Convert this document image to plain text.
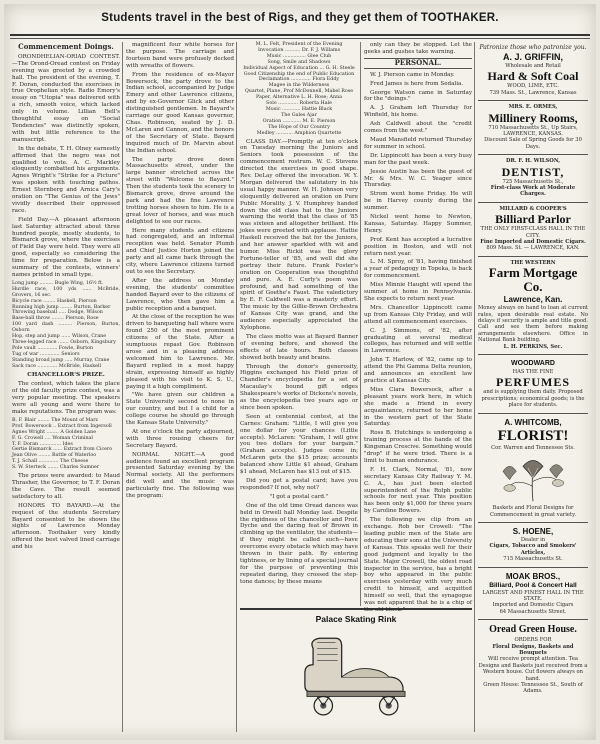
Students travel in the best of Rigs, and they get them of TOOTHAKER.
Commencement Doings.

ORONDHELIAN-ORIAD CONTEST.—The Orond-Oread contest on Friday evening was greeted by a crowded hall. The president of the evening, T. F. Doran, conducted the exercises in true Orophelian style. Radio Emory's essay on "Utopia" was delivered with a rich, smooth voice, which lacked only in volume. Lillian Bell's thoughtful essay on "Social Tendencies" was distinctly spoken, with but little reference to the manuscript.

In the debate, T. H. Olney earnestly affirmed that the negro was not qualified to vote. A. C. Markley eloquently combatted his arguments. Agnes Wright's "Strike for a Picture" was spoken with touching pathos. Ernest Sternberg and Arnica Cary's oration on "The Genius of the Jews" vividly described their oppressed race.

Field Day.—A pleasant afternoon last Saturday attracted about three hundred people, mostly students, to Bismarck grove, where the exercises of Field Day were held. They were all good, especially so considering the time for preparation. Below is a summary of the contests, winners' names printed in small type.

Long jump ......... Bugle Wing, 16½ ft.
Hurdle race, 100 yds ...... McBride, Grovers, 16 sec.
Bicycle race ........ Haskell, Pierson
Running high jump ........ Burton, Barker
Throwing baseball ..... Dodge, Wilson
Base-ball throw ........ Pierson, Rose
100 yard dash ......... Pierson, Burton, Osborn
Hop, step and jump ...... Wilson, Crane
Three-legged race ....... Osborn, Kingsbury
Pole vault ............. Fowle, Burton
Tug of war ............. Seniors
Standing broad jump ..... Murray, Crane
Sack race ............. McBride, Haskell

CHANCELLOR'S PRIZE.

The contest, which takes the place of the old faculty prize contest, was a very popular meeting. The speakers were all young and were there to make reputations. The program was:

B. F. Blair ........ The Mount of Marz
Prof. Bowersock .. Extract from Ingersoll
Agnes Wright ........ A Golden Lane
F. G. Crowell .... Woman Criminal
T. F. Doran .............. Ides
Gertie Bismarck ...... Extract from Cicero
Jean Olive ........ Battle of Waterloo
T. J. Schall ............. The Cheese
S. W. Sterteck ....... Charles Sumner

The prizes were awarded: to Maud Thrasher, the Governor, to T. F. Doran the Cave. The result seemed satisfactory to all.

HONORS TO BAYARD.—At the request of the students Secretary Bayard consented to be shown the sights of Lawrence Monday afternoon. Toothaker very kindly offered the best valved lined carriage and his

magnificent four white horses for the purpose. The carriage and fourteen band were profusely decked with wreaths of flowers.

From the residence of ex-Mayor Bowersock, the party drove to the Indian school, accompanied by Judge Emery and other Lawrence citizens, and by ex-Governor Glick and other distinguished gentlemen. In Bayard's carriage our good Kansas governor, Chas. Robinson, seated by J. D. McLaren and Cannon, and the honors of the Secretary of State. Bayard inquired much of Dr. Marvin about the Indian school.

The party drove down Massachusetts street, under the large banner stretched across the street with "Welcome to Bayard." Then the students took the scenery to Bismarck grove, drove around the park and had the fine Lawrence trotting horses shown to him. He is a great lover of horses, and was much delighted to see our races.

Here many students and citizens had congregated, and an informal reception was held. Senator Plumb and Chief Justice Horton joined the party and all came back through the city, where Lawrence citizens turned out to see the Secretary.

After the address on Monday evening, the students' committee handed Bayard over to the citizens of Lawrence, who then gave him a public reception and a banquet.

At the close of the reception he was driven to banqueting hall where were found 250 of the most prominent citizens of the State. After a sumptuous repast Gov. Robinson arose and in a pleasing address welcomed him to Lawrence. Mr. Bayard replied in a most happy strain, expressing himself as highly pleased with his visit to K. S. U., paying it a high compliment.

"We have given our children a State University second to none in our country, and but I a child for a college course he should go through the Kansas State University."

At one o'clock the party adjourned, with three rousing cheers for Secretary Bayard.

NORMAL NIGHT.—A good audience found an excellent program presented Saturday evening by the Normal society. All the performers did well and the music was particularly fine. The following was the program:

M. L. Felt, President of the Evening
Invocation .......... Dr. F. J. Willams
Music ............... Glee Club
Song, Smile and Shadows
Individual Aspect of Education ... G. H. Steele
Good Citizenship the end of Public Education
Declamation ............. Flora Eddy
Magee in the Wilderness
Quartet, Plane, Prof McDonnell, Mabel Rose
Paper, Alternative L. H. Rose; Anna
Solo ............. Roberta Hale
Music ............ Hattie Black
The Gales Ajar
Oration ............ M. E. Pierson
The Hope of Our Country
Medley ........... Amphion Quartette

CLASS DAY.—Promptly at ten o'clock on Tuesday morning the Juniors and Seniors took possession of the commencement rostrum. W. C. Stevens directed the exercises in good shape. Rev. DeLay offered the invocation. W. Y. Morgan delivered the salutatory in his usual happy manner. W. H. Johnson very eloquently delivered an oration on Pure Public Morality. J. V. Humphrey handed down the old class hat to the Juniors warning the world that the class of '85 was sixteen and altogether brilliant. His jokes were greeted with applause. Hattie Haskell received the bat for the Juniors, and her answer sparkled with wit and humor. Miss Rickit was the glory Fortune-teller of '85, and well did she portray their future. Frank Foster's oration on Cooperation was thoughtful and pure. A. E. Curly's poem was profound, and had something of the spirit of Goethe's Faust. The valedictory by E. F. Caldwell was a masterly effort. The music by the Gillie-Brown Orchestra of Kansas City was grand, and the audience especially appreciated the Xylophone.

The class motto was at Bayard Banner of evening before, and showed the effects of late hours. Both classes showed both beauty and brains.

Through the donor's generosity, Higgins exchanged his Field prize of Chandler's encyclopedia for a set of Macaulay's bound gift edges Shakespeare's works of Dickens's novels, as the encyclopedia two years ago or since been spoken.

Seen at centennial contest, at the Carnes: Graham: "Little, I will give you one dollar for your chances (Little accepts). McLaren: "Graham, I will give you two dollars for your bargain." (Graham accepts). Judges come in; McLaren gets the $15 prize; accounts balanced show Little $1 ahead, Graham $1 ahead, McLaren has $13 out of $15.

Did you get a postal card; have you responded? If not, why not?

"I got a postal card."

One of the old time Oread dances was held in Orwell hall Monday last. Despite the rigidness of the chancellor and Prof. Dyche and the daring feat of Brown in climbing up the ventilator, the students—if they might be called such—have overcome every obstacle which may have thrown in their path. By entering tightness, or by lining of a special journal for the purpose of preventing this repeated daring, they crossed the step-tone dances; by these means

Palace Skating Rink

only can they be stopped. Let the geeks and gushes take warning.

PERSONAL.

W. J. Pierson came in Monday.

Fred James is here from Sedalia.

George Watson came in Saturday for the "doings."

A. J. Graham left Thursday for Winfield, his home.

Ash Caldwell about the "credit comes from the west."

Maud Mansfield returned Thursday for summer in school.

Dr. Lippincott has been a very busy man for the past week.

Jessie Austin has been the guest of Mr. & Mrs. W. C. Yeager since Thursday.

Strom went home Friday. He will be in Harvey county during the summer.

Nickel went home to Newton, Kansas, Saturday. Happy Summer, Henry.

Prof. Kent has accepted a lucrative position in Boston, and will not return next year.

L. M. Sproy, of '81, having finished a year of pedagogy in Topeka, is back for commencement.

Miss Minnie Haught will spend the summer at home in Pennsylvania. She expects to return next year.

Mrs. Chancellor Lippincott came up from Kansas City Friday, and will attend all commencement exercises.

C. J. Simmons, of '82, after graduating at several medical colleges, has returned and will settle in Lawrence.

John T. Harlow, of '82, came up to attend the Phi Gamma Delta reunion, and announces an excellent law practice at Kansas City.

Miss Clara Bowersock, after a pleasant years work here, in which she made a friend in every acquaintance, returned to her home in the western part of the State Saturday.

Ross B. Hutchings is undergoing a training process at the hands of the Kingsman Crescive. Something would "drop" if he were tried. There is a limit to human endurance.

F. H. Clark, Normal, '81, now secretary Kansas City Railway Y. M. C. A., has just been elected superintendent of the Rolph public schools for next year. This position has been only $1,000 for three years by Caroline Bowers.

The following we clip from an exchange. Rob ber Crowell: "The leading public men of the State are educating their sons at the University of Kansas. This speaks well for their good judgment and loyalty to the State. Major Crowell, the oldest road inspector in the service, has a bright boy who appeared in the public exercises yesterday with very much credit to himself, and acquitted himself so well, that the synagogue was not apparent that he is a chip of the old block."

Patronize those who patronize you.
A. J. GRIFFIN,
Wholesale and Retail
Hard & Soft Coal
WOOD, LIME, ETC.
739 Mass. St., Lawrence, Kansas
MRS. E. ORMES,
Millinery Rooms,
710 Massachusetts St., Up Stairs,
LAWRENCE, KANSAS.
Discount Sale of Spring Goods for 30 Days.
DR. F. H. WILSON,
DENTIST,
725 Massachusetts St.,
First-class Work at Moderate Charges.
MILLARD & COOPER'S
Billiard Parlor
THE ONLY FIRST-CLASS HALL IN THE CITY.
Fine Imported and Domestic Cigars.
809 Mass. St. — LAWRENCE, KAN.
THE WESTERN
Farm Mortgage Co.
Lawrence, Kan.
Money always on hand to loan at current rates, upon desirable real estate. No delays if security is ample and title good. Call and see them before making arrangements elsewhere. Office in National Bank building.
L. H. PERKINS, Sec.
WOODWARD
HAS THE FINE
PERFUMES
and is supplying them daily. Proposed prescriptions; economical goods; is the place for students.
A. WHITCOMB,
FLORIST!
Cor. Warren and Tennessee Sts.
Baskets and Floral Designs for Commencement in great variety.
S. HOENE,
Dealer in
Cigars, Tobacco and Smokers' Articles,
715 Massachusetts St.
MOAK BROS.,
Billiard, Pool & Concert Hall
LARGEST AND FINEST HALL IN THE STATE.
Imported and Domestic Cigars
64 Massachusetts Street.
Oread Green House.
ORDERS FOR
Floral Designs, Baskets and Bouquets
Will receive prompt attention. Tea Designs and Baskets just received from a Western house. Cut flowers always on hand.
Green House: Tennessee St., South of Adams.
